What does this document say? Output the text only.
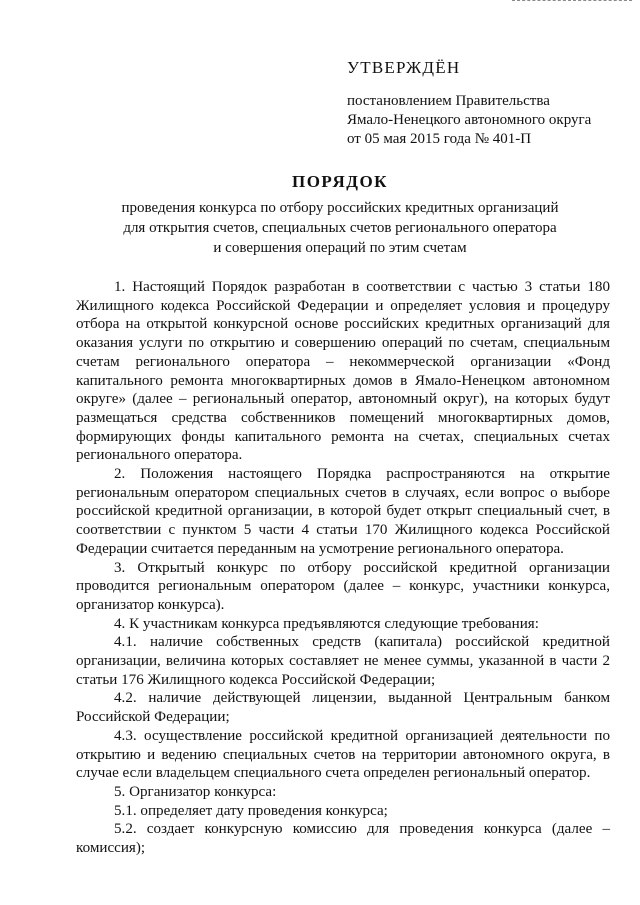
УТВЕРЖДЁН

постановлением Правительства

Ямало-Ненецкого автономного округа

от 05 мая 2015 года № 401-П

ПОРЯДОК

проведения конкурса по отбору российских кредитных организаций

для открытия счетов, специальных счетов регионального оператора

и совершения операций по этим счетам

1. Настоящий Порядок разработан в соответствии с частью 3 статьи 180 Жилищного кодекса Российской Федерации и определяет условия и процедуру отбора на открытой конкурсной основе российских кредитных организаций для оказания услуги по открытию и совершению операций по счетам, специальным счетам регионального оператора – некоммерческой организации «Фонд капитального ремонта многоквартирных домов в Ямало-Ненецком автономном округе» (далее – региональный оператор, автономный округ), на которых будут размещаться средства собственников помещений многоквартирных домов, формирующих фонды капитального ремонта на счетах, специальных счетах регионального оператора.

2. Положения настоящего Порядка распространяются на открытие региональным оператором специальных счетов в случаях, если вопрос о выборе российской кредитной организации, в которой будет открыт специальный счет, в соответствии с пунктом 5 части 4 статьи 170 Жилищного кодекса Российской Федерации считается переданным на усмотрение регионального оператора.

3. Открытый конкурс по отбору российской кредитной организации проводится региональным оператором (далее – конкурс, участники конкурса, организатор конкурса).

4. К участникам конкурса предъявляются следующие требования:

4.1. наличие собственных средств (капитала) российской кредитной организации, величина которых составляет не менее суммы, указанной в части 2 статьи 176 Жилищного кодекса Российской Федерации;

4.2. наличие действующей лицензии, выданной Центральным банком Российской Федерации;

4.3. осуществление российской кредитной организацией деятельности по открытию и ведению специальных счетов на территории автономного округа, в случае если владельцем специального счета определен региональный оператор.

5. Организатор конкурса:

5.1. определяет дату проведения конкурса;

5.2. создает конкурсную комиссию для проведения конкурса (далее – комиссия);
